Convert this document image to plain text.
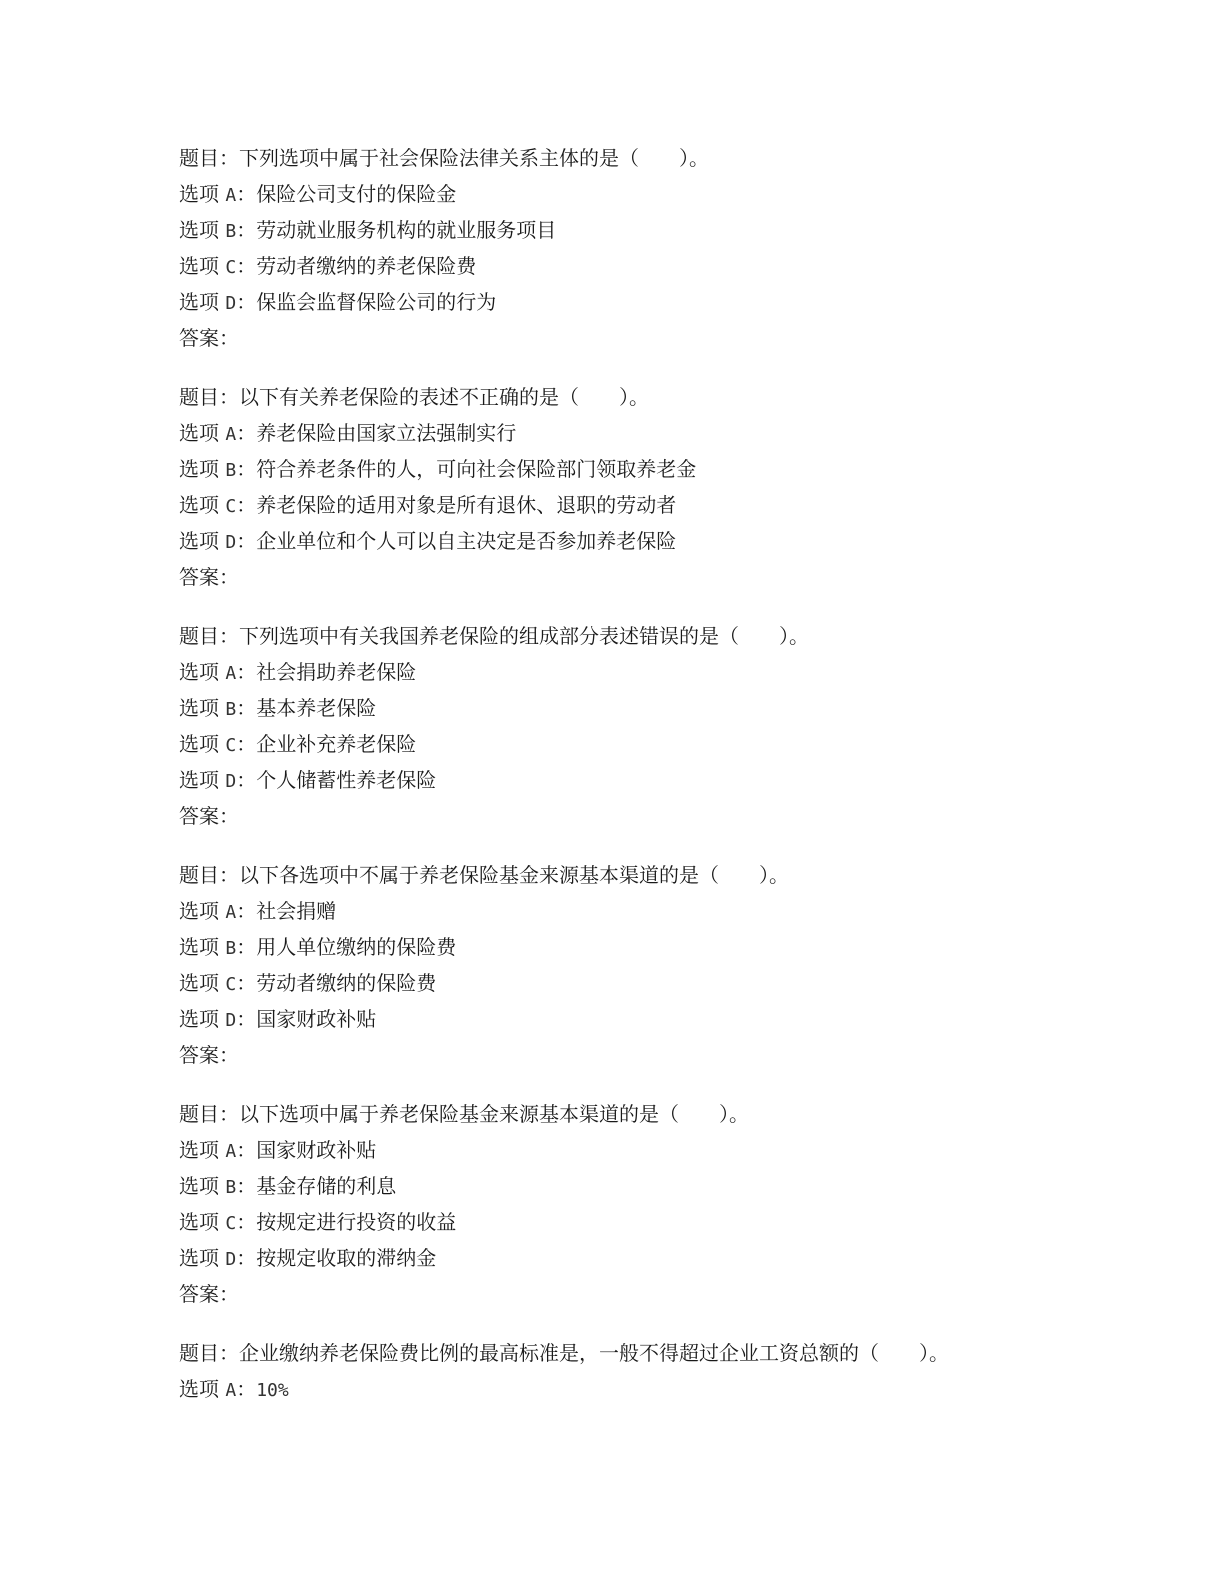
题目：下列选项中属于社会保险法律关系主体的是（　　）。
选项 A：保险公司支付的保险金
选项 B：劳动就业服务机构的就业服务项目
选项 C：劳动者缴纳的养老保险费
选项 D：保监会监督保险公司的行为
答案：
题目：以下有关养老保险的表述不正确的是（　　）。
选项 A：养老保险由国家立法强制实行
选项 B：符合养老条件的人，可向社会保险部门领取养老金
选项 C：养老保险的适用对象是所有退休、退职的劳动者
选项 D：企业单位和个人可以自主决定是否参加养老保险
答案：
题目：下列选项中有关我国养老保险的组成部分表述错误的是（　　）。
选项 A：社会捐助养老保险
选项 B：基本养老保险
选项 C：企业补充养老保险
选项 D：个人储蓄性养老保险
答案：
题目：以下各选项中不属于养老保险基金来源基本渠道的是（　　）。
选项 A：社会捐赠
选项 B：用人单位缴纳的保险费
选项 C：劳动者缴纳的保险费
选项 D：国家财政补贴
答案：
题目：以下选项中属于养老保险基金来源基本渠道的是（　　）。
选项 A：国家财政补贴
选项 B：基金存储的利息
选项 C：按规定进行投资的收益
选项 D：按规定收取的滞纳金
答案：
题目：企业缴纳养老保险费比例的最高标准是，一般不得超过企业工资总额的（　　）。
选项 A：10%
